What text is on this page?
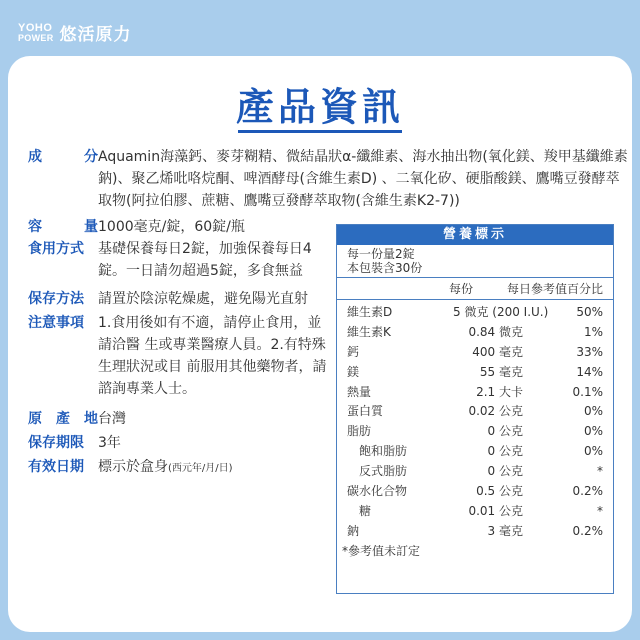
YOHO
POWER 悠活原力
產品資訊
成	分 Aquamin海藻鈣、麥芽糊精、微結晶狀α-纖維素、海水抽出物(氧化鎂、羧甲基纖維素鈉)、聚乙烯吡咯烷酮、啤酒酵母(含維生素D) 、二氧化矽、硬脂酸鎂、鷹嘴豆發酵萃取物(阿拉伯膠、蔗糖、鷹嘴豆發酵萃取物(含維生素K2-7))
容	量 1000毫克/錠，60錠/瓶
食用方式	基礎保養每日2錠，加強保養每日4錠。一日請勿超過5錠，多食無益
保存方法	請置於陰涼乾燥處，避免陽光直射
注意事項	1.食用後如有不適，請停止食用，並請洽醫 生或專業醫療人員。2.有特殊生理狀況或目 前服用其他藥物者，請諮詢專業人士。
原 產 地 台灣
保存期限	3年
有效日期	標示於盒身(西元年/月/日)
營養標示
每一份量2錠
本包裝含30份
每份	每日參考值百分比
維生素D	5 微克 (200 I.U.) 50%
維生素K	0.84 微克	1%
鈣	400 毫克	33%
鎂	55 毫克	14%
熱量	2.1 大卡	0.1%
蛋白質	0.02 公克	0%
脂肪	0 公克	0%
飽和脂肪	0 公克	0%
反式脂肪	0 公克	*
碳水化合物	0.5 公克	0.2%
糖	0.01 公克	*
鈉	3 毫克	0.2%
*參考值未訂定
